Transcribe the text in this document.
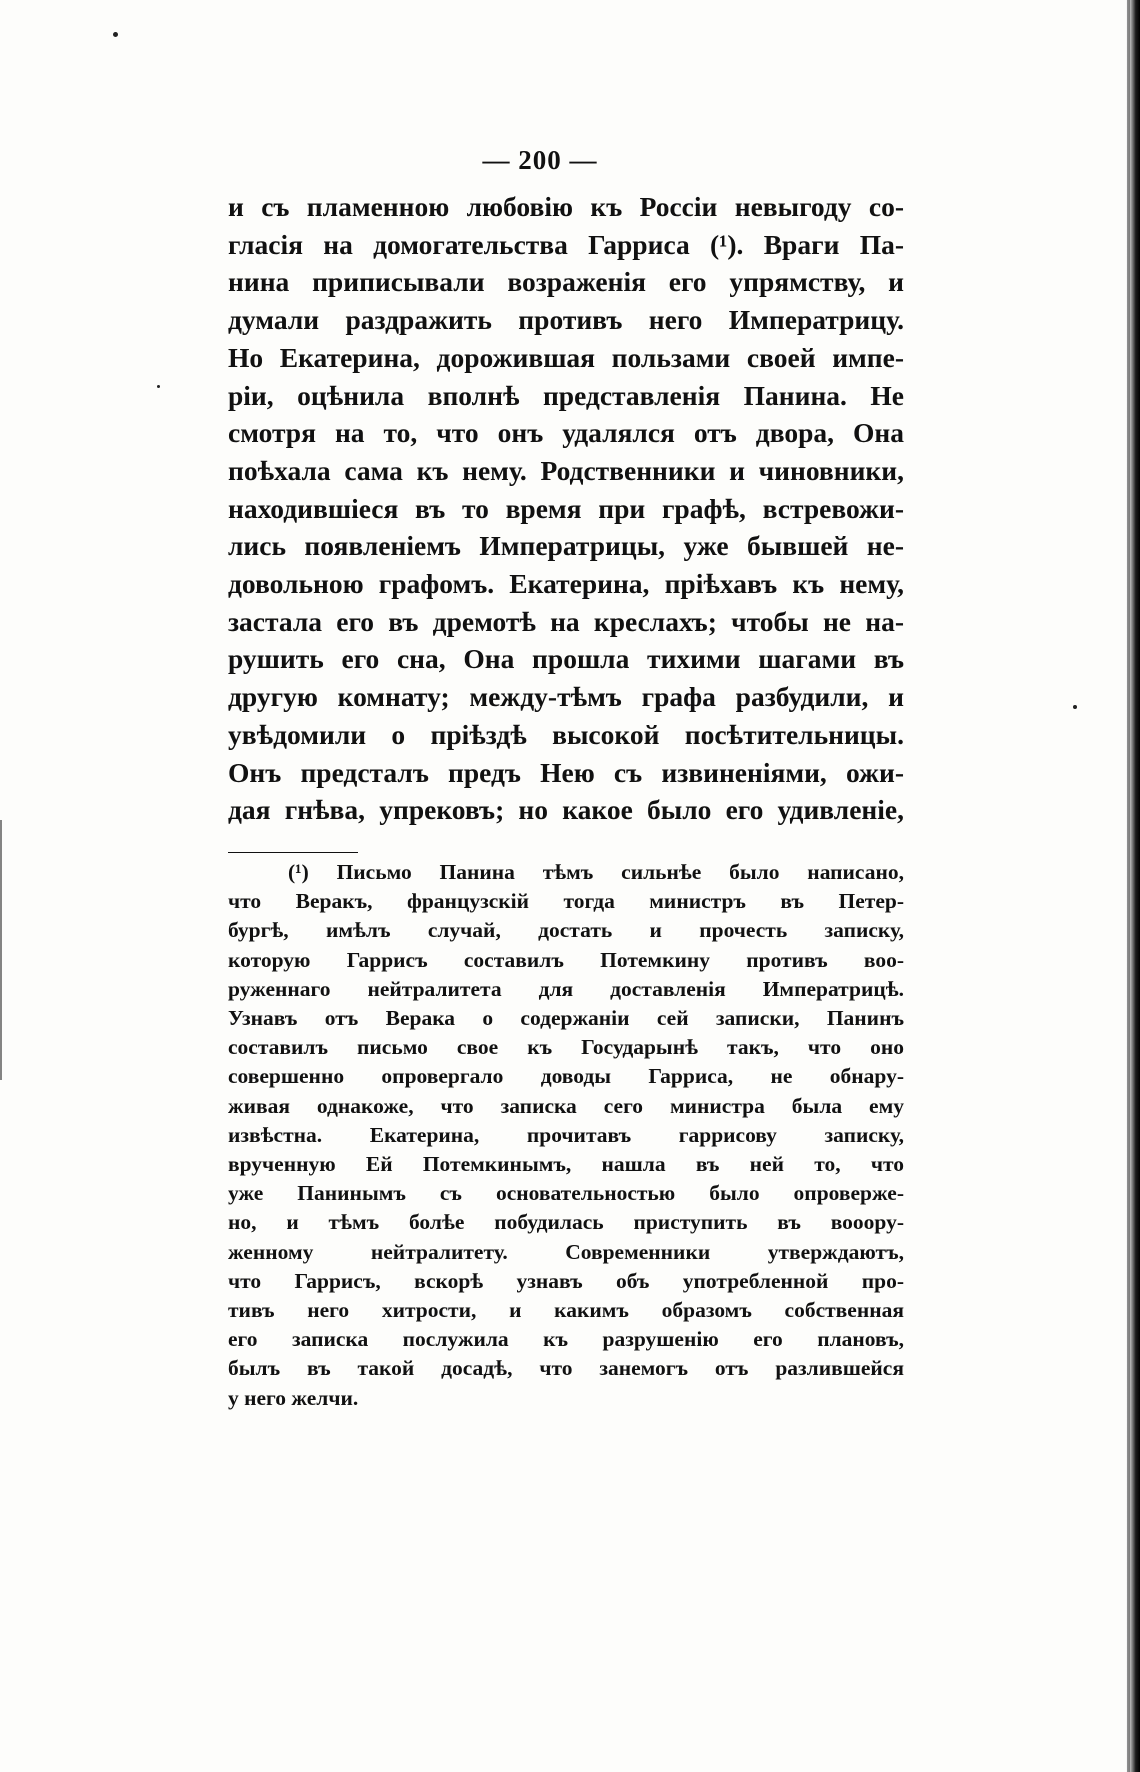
— 200 —
и съ пламенною любовію къ Россіи невыгоду со-
гласія на домогательства Гарриса (¹). Враги Па-
нина приписывали возраженія его упрямству, и
думали раздражить противъ него Императрицу.
Но Екатерина, дорожившая пользами своей импе-
ріи, оцѣнила вполнѣ представленія Панина. Не
смотря на то, что онъ удалялся отъ двора, Она
поѣхала сама къ нему. Родственники и чиновники,
находившіеся въ то время при графѣ, встревожи-
лись появленіемъ Императрицы, уже бывшей не-
довольною графомъ. Екатерина, пріѣхавъ къ нему,
застала его въ дремотѣ на креслахъ; чтобы не на-
рушить его сна, Она прошла тихими шагами въ
другую комнату; между-тѣмъ графа разбудили, и
увѣдомили о пріѣздѣ высокой посѣтительницы.
Онъ предсталъ предъ Нею съ извиненіями, ожи-
дая гнѣва, упрековъ; но какое было его удивленіе,
(¹) Письмо Панина тѣмъ сильнѣе было написано,
что Веракъ, французскій тогда министръ въ Петер-
бургѣ, имѣлъ случай, достать и прочесть записку,
которую Гаррисъ составилъ Потемкину противъ воо-
руженнаго нейтралитета для доставленія Императрицѣ.
Узнавъ отъ Верака о содержаніи сей записки, Панинъ
составилъ письмо свое къ Государынѣ такъ, что оно
совершенно опровергало доводы Гарриса, не обнару-
живая однакоже, что записка сего министра была ему
извѣстна. Екатерина, прочитавъ гаррисову записку,
врученную Ей Потемкинымъ, нашла въ ней то, что
уже Панинымъ съ основательностью было опроверже-
но, и тѣмъ болѣе побудилась приступить въ вооору-
женному нейтралитету. Современники утверждаютъ,
что Гаррисъ, вскорѣ узнавъ объ употребленной про-
тивъ него хитрости, и какимъ образомъ собственная
его записка послужила къ разрушенію его плановъ,
былъ въ такой досадѣ, что занемогъ отъ разлившейся
у него желчи.
